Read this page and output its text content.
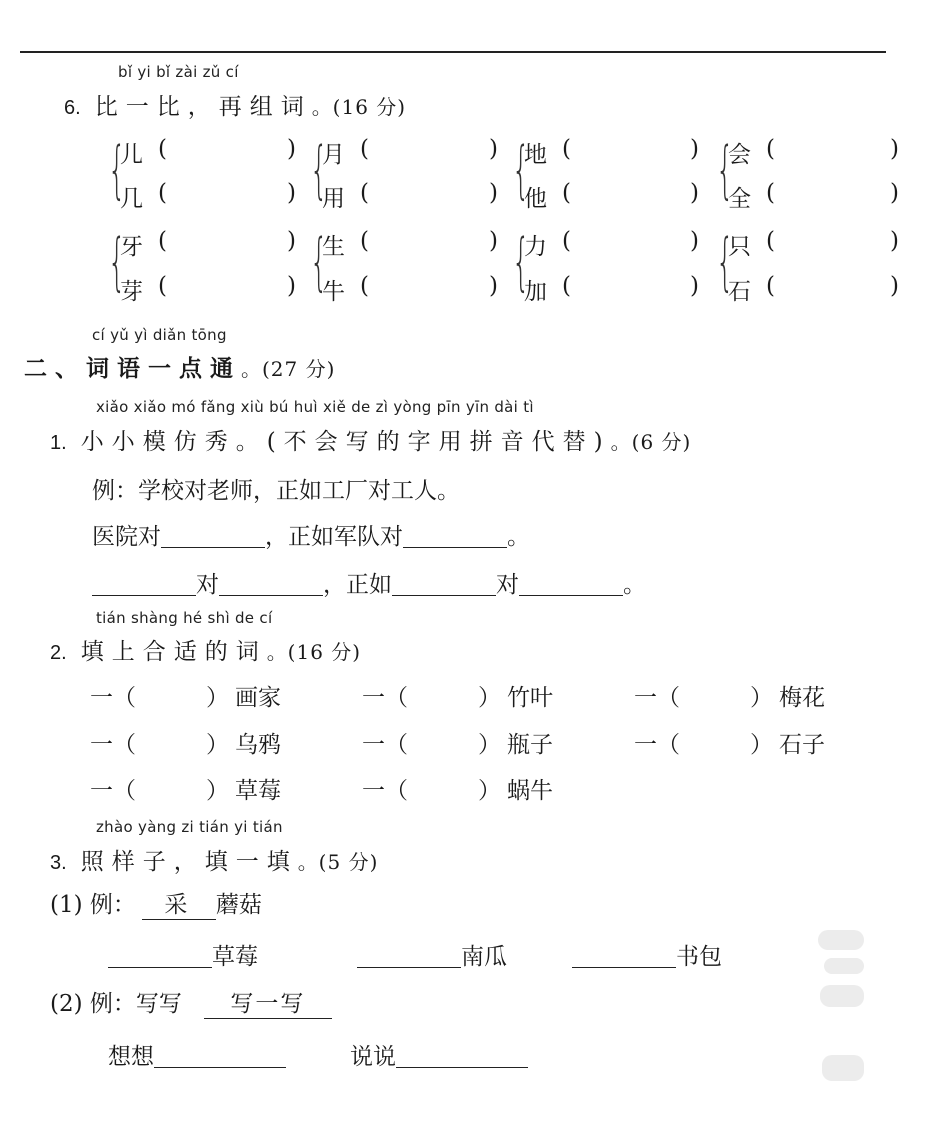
bǐ yi bǐ zài zǔ cí
6. 比一比，再组词。(16 分)
{
儿 (	)
几 (	) {
月 (	)
用 (	) {
地 (	)
他 (	) {
会 (	)
全 (	)
{
牙 (	)
芽 (	) {
生 (	)
牛 (	) {
力 (	)
加 (	) {
只 (	)
石 (	)
cí yǔ yì diǎn tōng
二、词语一点通。(27 分)
xiǎo xiǎo mó fǎng xiù bú huì xiě de zì yòng pīn yīn dài tì
1. 小小模仿秀。(不会写的字用拼音代替)。(6 分)
例：学校对老师，正如工厂对工人。
医院对	，正如军队对	。
对	，正如	对	。
tián shàng hé shì de cí
2. 填上合适的词。(16 分)
一（	） 画家	一（	） 竹叶	一（	） 梅花
一（	） 乌鸦	一（	） 瓶子	一（	） 石子
一（	） 草莓	一（	） 蜗牛
zhào yàng zi tián yi tián
3. 照样子，填一填。(5 分)
(1) 例： 采 蘑菇
草莓	南瓜	书包
(2) 例：写写 写一写
想想	说说
